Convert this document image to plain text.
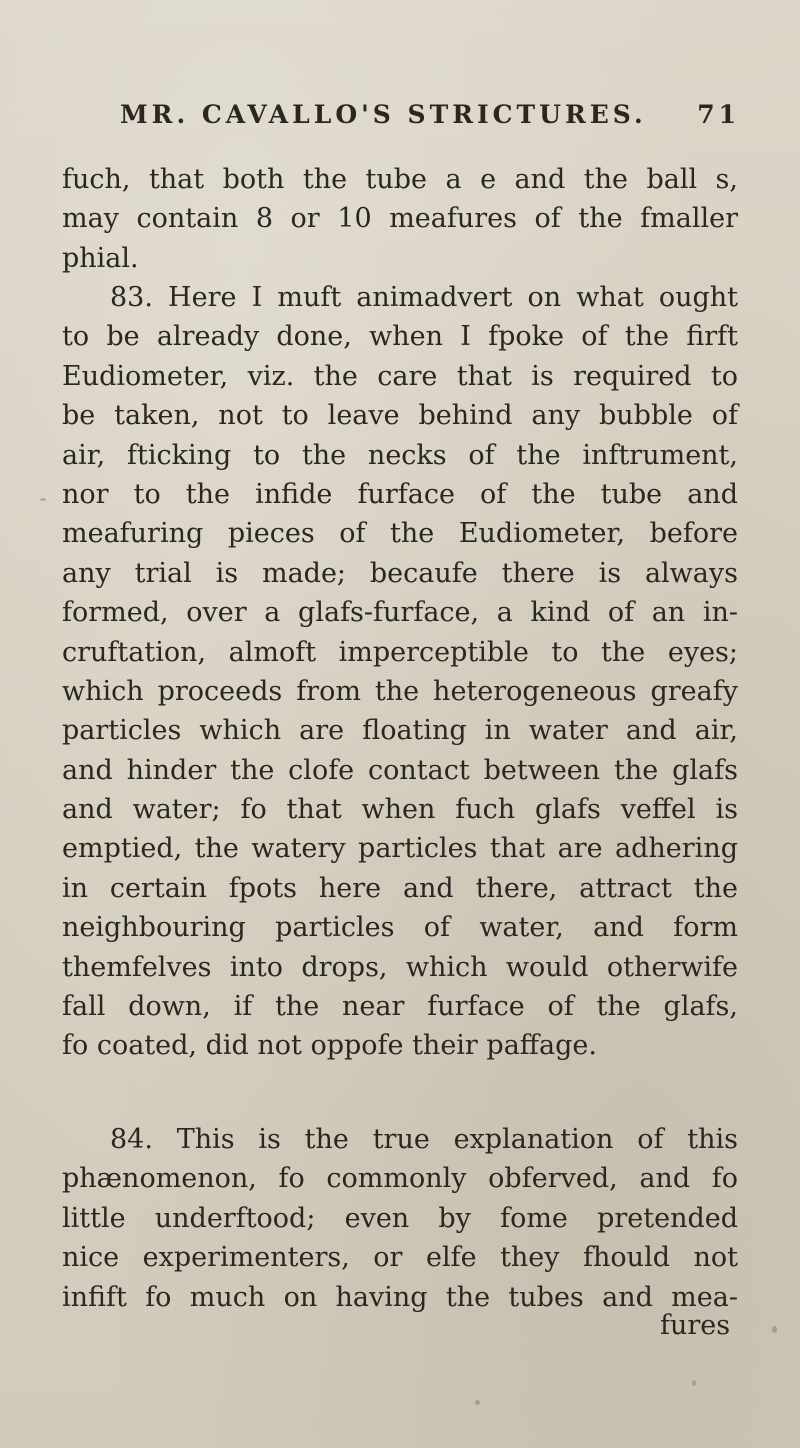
MR. CAVALLO'S STRICTURES. 71
fuch, that both the tube a e and the ball s,
may contain 8 or 10 meafures of the fmaller
phial.
83. Here I muft animadvert on what ought
to be already done, when I fpoke of the firft
Eudiometer, viz. the care that is required to
be taken, not to leave behind any bubble of
air, fticking to the necks of the inftrument,
nor to the infide furface of the tube and
meafuring pieces of the Eudiometer, before
any trial is made; becaufe there is always
formed, over a glafs-furface, a kind of an in-
cruftation, almoft imperceptible to the eyes;
which proceeds from the heterogeneous greafy
particles which are floating in water and air,
and hinder the clofe contact between the glafs
and water; fo that when fuch glafs veffel is
emptied, the watery particles that are adhering
in certain fpots here and there, attract the
neighbouring particles of water, and form
themfelves into drops, which would otherwife
fall down, if the near furface of the glafs,
fo coated, did not oppofe their paffage.
84. This is the true explanation of this
phænomenon, fo commonly obferved, and fo
little underftood; even by fome pretended
nice experimenters, or elfe they fhould not
infift fo much on having the tubes and mea-
fures
